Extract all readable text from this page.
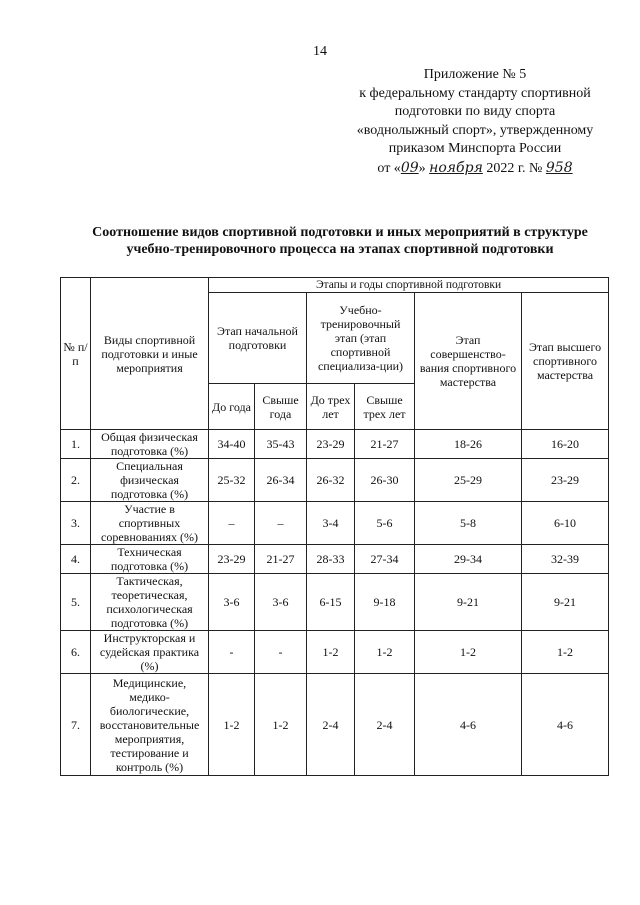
14
Приложение № 5
к федеральному стандарту спортивной
подготовки по виду спорта
«воднолыжный спорт», утвержденному
приказом Минспорта России
от «09» ноября 2022 г. № 958
Соотношение видов спортивной подготовки и иных мероприятий в структуре
учебно-тренировочного процесса на этапах спортивной подготовки
№ п/п	Виды спортивной подготовки и иные мероприятия	Этапы и годы спортивной подготовки					
		Этап начальной подготовки		Учебно-тренировочный этап (этап спортивной специализа-ции)		Этап совершенство-вания спортивного мастерства	Этап высшего спортивного мастерства
		До года	Свыше года	До трех лет	Свыше трех лет		
1.	Общая физическая подготовка (%)	34-40	35-43	23-29	21-27	18-26	16-20
2.	Специальная физическая подготовка (%)	25-32	26-34	26-32	26-30	25-29	23-29
3.	Участие в спортивных соревнованиях (%)	–	–	3-4	5-6	5-8	6-10
4.	Техническая подготовка (%)	23-29	21-27	28-33	27-34	29-34	32-39
5.	Тактическая, теоретическая, психологическая подготовка (%)	3-6	3-6	6-15	9-18	9-21	9-21
6.	Инструкторская и судейская практика (%)	-	-	1-2	1-2	1-2	1-2
7.	Медицинские, медико-биологические, восстановительные мероприятия, тестирование и контроль (%)	1-2	1-2	2-4	2-4	4-6	4-6
